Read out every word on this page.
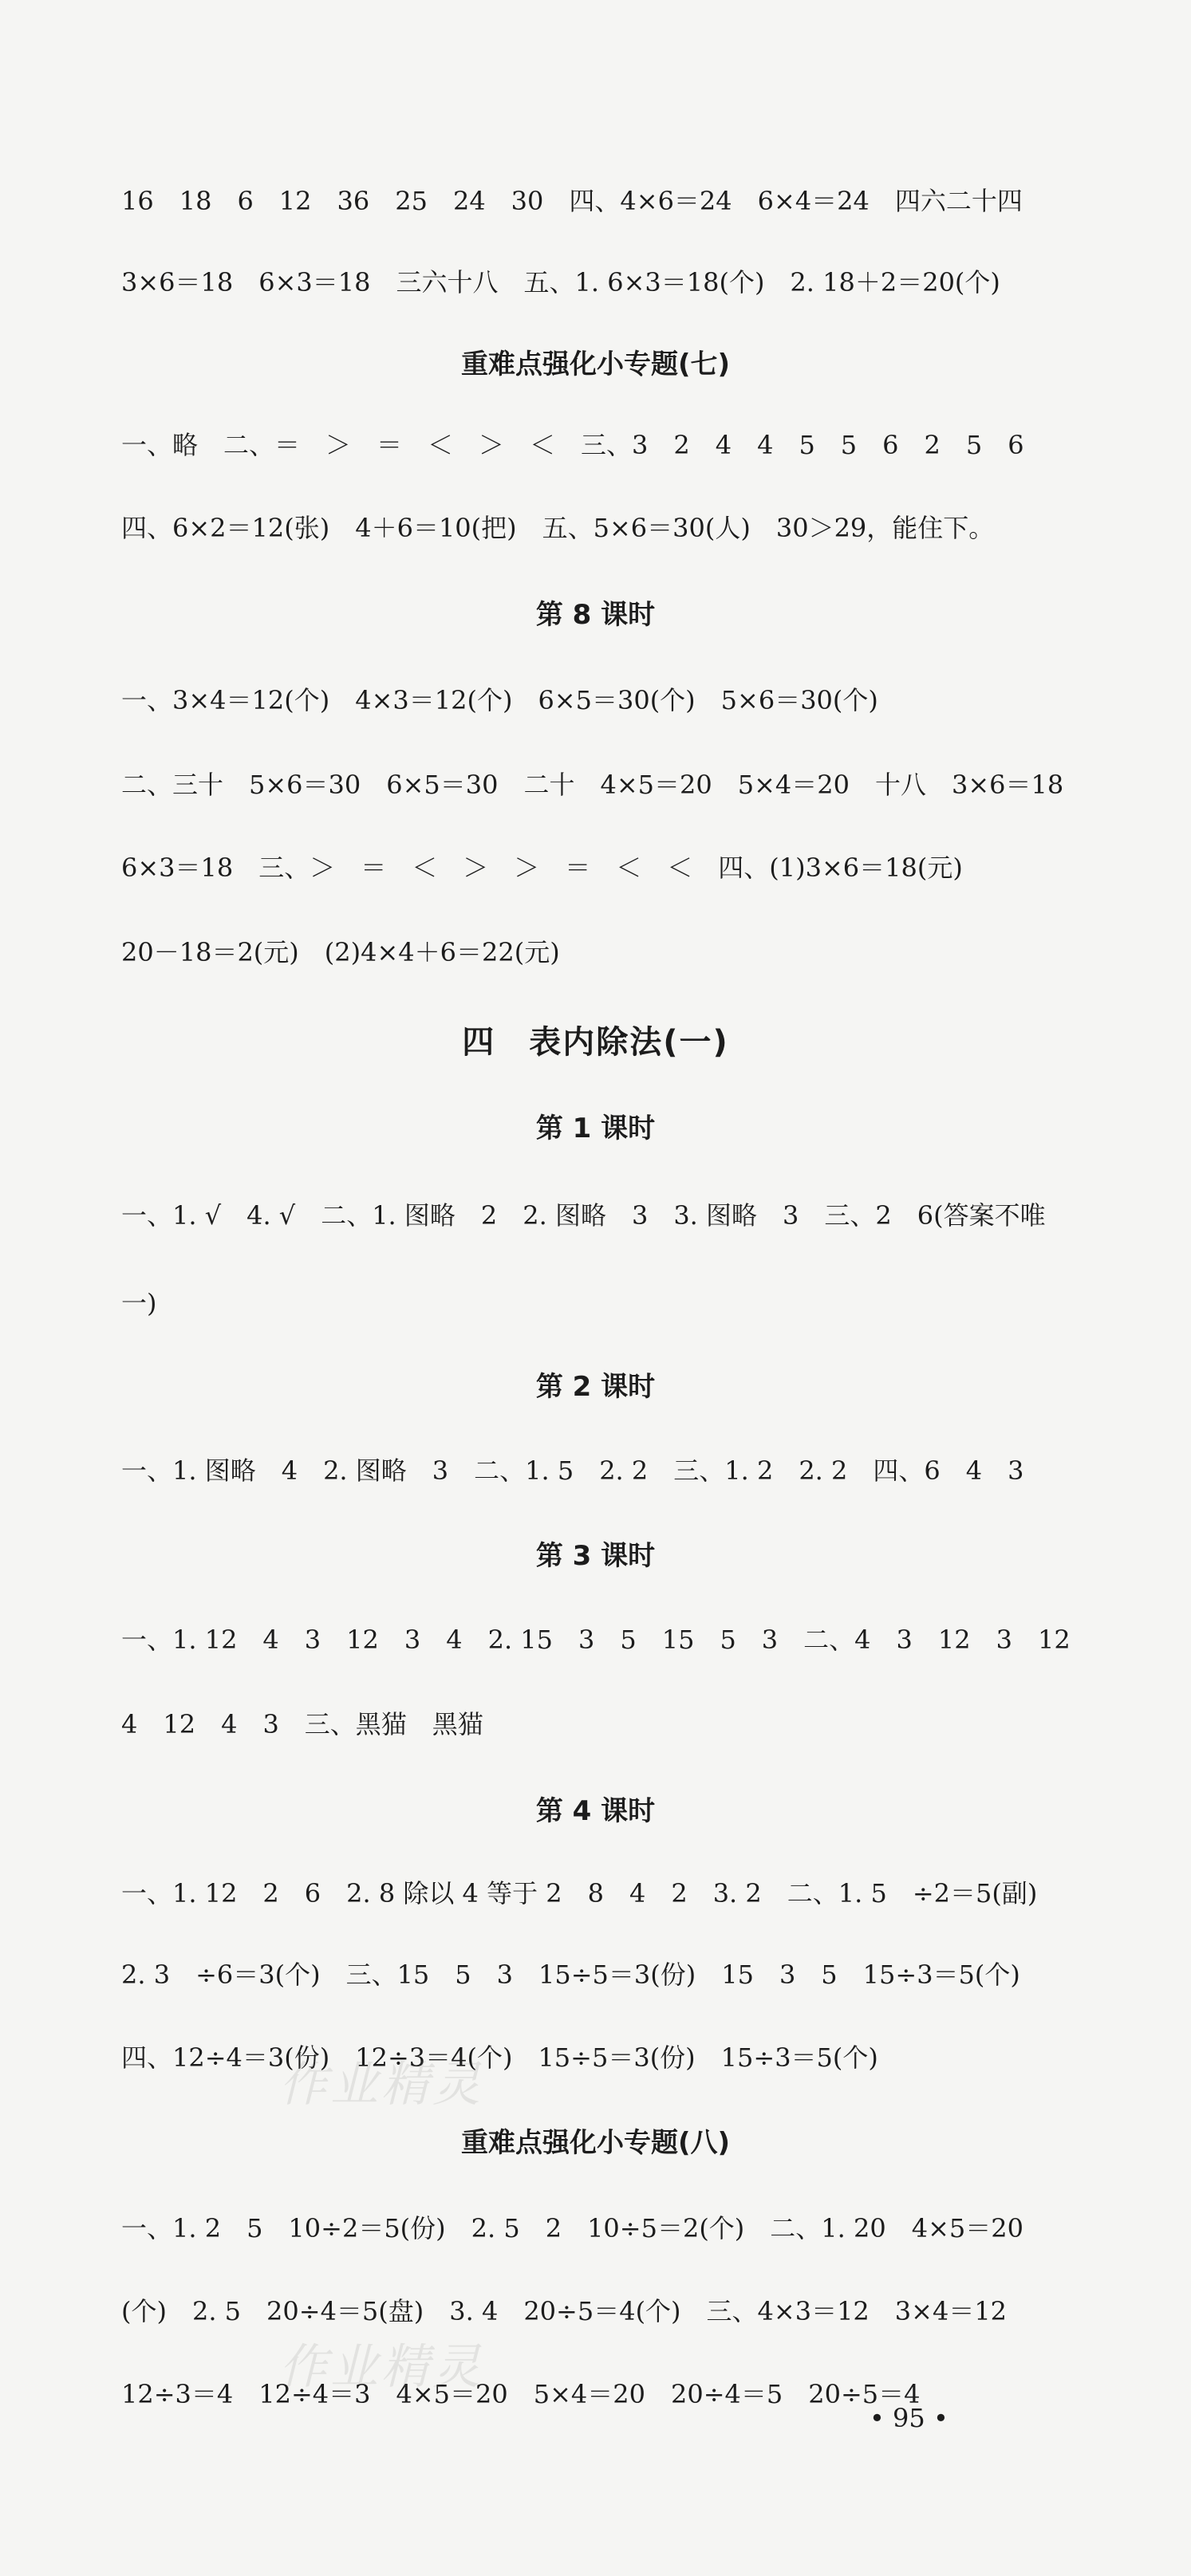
16　18　6　12　36　25　24　30　四、4×6＝24　6×4＝24　四六二十四
3×6＝18　6×3＝18　三六十八　五、1. 6×3＝18(个)　2. 18＋2＝20(个)
重难点强化小专题(七)
一、略　二、＝　＞　＝　＜　＞　＜　三、3　2　4　4　5　5　6　2　5　6
四、6×2＝12(张)　4＋6＝10(把)　五、5×6＝30(人)　30＞29，能住下。
第 8 课时
一、3×4＝12(个)　4×3＝12(个)　6×5＝30(个)　5×6＝30(个)
二、三十　5×6＝30　6×5＝30　二十　4×5＝20　5×4＝20　十八　3×6＝18
6×3＝18　三、＞　＝　＜　＞　＞　＝　＜　＜　四、(1)3×6＝18(元)
20－18＝2(元)　(2)4×4＋6＝22(元)
四　表内除法(一)
第 1 课时
一、1. √　4. √　二、1. 图略　2　2. 图略　3　3. 图略　3　三、2　6(答案不唯
一)
第 2 课时
一、1. 图略　4　2. 图略　3　二、1. 5　2. 2　三、1. 2　2. 2　四、6　4　3
第 3 课时
一、1. 12　4　3　12　3　4　2. 15　3　5　15　5　3　二、4　3　12　3　12
4　12　4　3　三、黑猫　黑猫
第 4 课时
一、1. 12　2　6　2. 8 除以 4 等于 2　8　4　2　3. 2　二、1. 5　÷2＝5(副)
2. 3　÷6＝3(个)　三、15　5　3　15÷5＝3(份)　15　3　5　15÷3＝5(个)
四、12÷4＝3(份)　12÷3＝4(个)　15÷5＝3(份)　15÷3＝5(个)
重难点强化小专题(八)
一、1. 2　5　10÷2＝5(份)　2. 5　2　10÷5＝2(个)　二、1. 20　4×5＝20
(个)　2. 5　20÷4＝5(盘)　3. 4　20÷5＝4(个)　三、4×3＝12　3×4＝12
12÷3＝4　12÷4＝3　4×5＝20　5×4＝20　20÷4＝5　20÷5＝4
作业精灵
作业精灵
• 95 •
